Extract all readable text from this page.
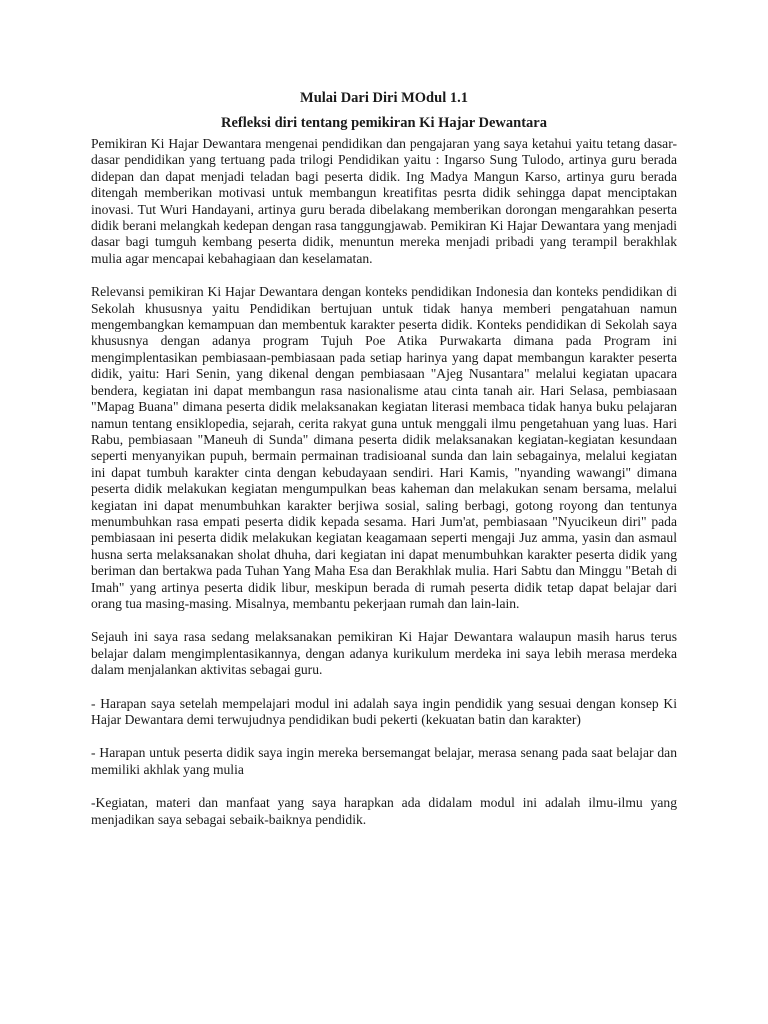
Mulai Dari Diri MOdul 1.1
Refleksi diri tentang pemikiran Ki Hajar Dewantara

Pemikiran Ki Hajar Dewantara mengenai pendidikan dan pengajaran yang saya ketahui yaitu tetang dasar-dasar pendidikan yang tertuang pada trilogi Pendidikan yaitu : Ingarso Sung Tulodo, artinya guru berada didepan dan dapat menjadi teladan bagi peserta didik. Ing Madya Mangun Karso, artinya guru berada ditengah memberikan motivasi untuk membangun kreatifitas pesrta didik sehingga dapat menciptakan inovasi. Tut Wuri Handayani, artinya guru berada dibelakang memberikan dorongan mengarahkan peserta didik berani melangkah kedepan dengan rasa tanggungjawab. Pemikiran Ki Hajar Dewantara yang menjadi dasar bagi tumguh kembang peserta didik, menuntun mereka menjadi pribadi yang terampil berakhlak mulia agar mencapai kebahagiaan dan keselamatan.

Relevansi pemikiran Ki Hajar Dewantara dengan konteks pendidikan Indonesia dan konteks pendidikan di Sekolah khususnya yaitu Pendidikan bertujuan untuk tidak hanya memberi pengatahuan namun mengembangkan kemampuan dan membentuk karakter peserta didik. Konteks pendidikan di Sekolah saya khususnya dengan adanya program Tujuh Poe Atika Purwakarta dimana pada Program ini mengimplentasikan pembiasaan-pembiasaan pada setiap harinya yang dapat membangun karakter peserta didik, yaitu: Hari Senin, yang dikenal dengan pembiasaan "Ajeg Nusantara" melalui kegiatan upacara bendera, kegiatan ini dapat membangun rasa nasionalisme atau cinta tanah air. Hari Selasa, pembiasaan "Mapag Buana" dimana peserta didik melaksanakan kegiatan literasi membaca tidak hanya buku pelajaran namun tentang ensiklopedia, sejarah, cerita rakyat guna untuk menggali ilmu pengetahuan yang luas. Hari Rabu, pembiasaan "Maneuh di Sunda" dimana peserta didik melaksanakan kegiatan-kegiatan kesundaan seperti menyanyikan pupuh, bermain permainan tradisioanal sunda dan lain sebagainya, melalui kegiatan ini dapat tumbuh karakter cinta dengan kebudayaan sendiri. Hari Kamis, "nyanding wawangi" dimana peserta didik melakukan kegiatan mengumpulkan beas kaheman dan melakukan senam bersama, melalui kegiatan ini dapat menumbuhkan karakter berjiwa sosial, saling berbagi, gotong royong dan tentunya menumbuhkan rasa empati peserta didik kepada sesama. Hari Jum'at, pembiasaan "Nyucikeun diri" pada pembiasaan ini peserta didik melakukan kegiatan keagamaan seperti mengaji Juz amma, yasin dan asmaul husna serta melaksanakan sholat dhuha, dari kegiatan ini dapat menumbuhkan karakter peserta didik yang beriman dan bertakwa pada Tuhan Yang Maha Esa dan Berakhlak mulia. Hari Sabtu dan Minggu "Betah di Imah" yang artinya peserta didik libur, meskipun berada di rumah peserta didik tetap dapat belajar dari orang tua masing-masing. Misalnya, membantu pekerjaan rumah dan lain-lain.

Sejauh ini saya rasa sedang melaksanakan pemikiran Ki Hajar Dewantara walaupun masih harus terus belajar dalam mengimplentasikannya, dengan adanya kurikulum merdeka ini saya lebih merasa merdeka dalam menjalankan aktivitas sebagai guru.

- Harapan saya setelah mempelajari modul ini adalah saya ingin pendidik yang sesuai dengan konsep Ki Hajar Dewantara demi terwujudnya pendidikan budi pekerti (kekuatan batin dan karakter)

- Harapan untuk peserta didik saya ingin mereka bersemangat belajar, merasa senang pada saat belajar dan memiliki akhlak yang mulia

-Kegiatan, materi dan manfaat yang saya harapkan ada didalam modul ini adalah ilmu-ilmu yang menjadikan saya sebagai sebaik-baiknya pendidik.
